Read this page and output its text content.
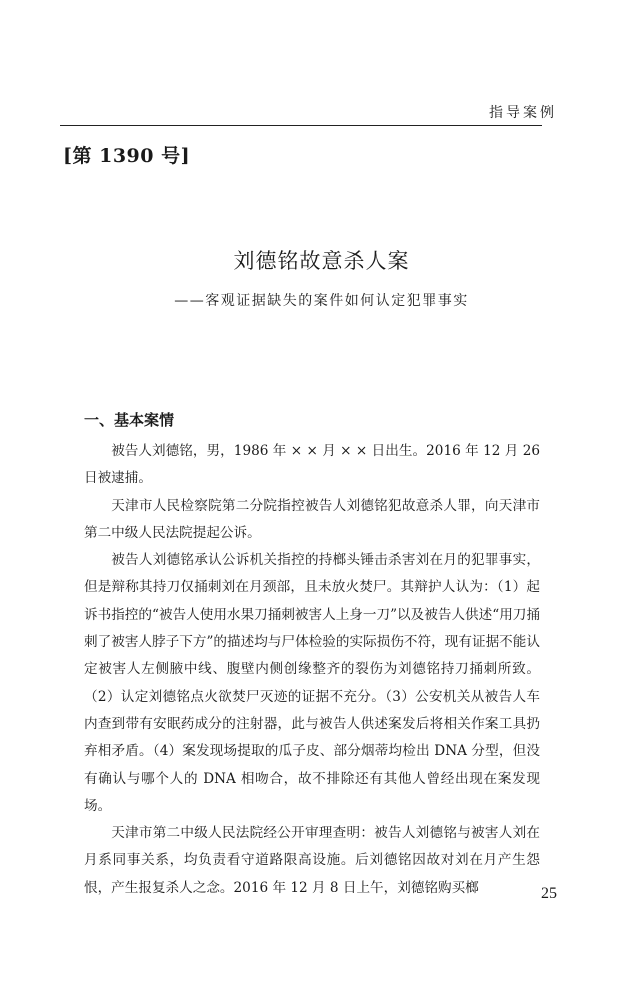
指导案例
[第 1390 号]
刘德铭故意杀人案
——客观证据缺失的案件如何认定犯罪事实
一、基本案情

被告人刘德铭，男，1986 年 × × 月 × × 日出生。2016 年 12 月 26 日被逮捕。

天津市人民检察院第二分院指控被告人刘德铭犯故意杀人罪，向天津市第二中级人民法院提起公诉。

被告人刘德铭承认公诉机关指控的持榔头锤击杀害刘在月的犯罪事实，但是辩称其持刀仅捅刺刘在月颈部，且未放火焚尸。其辩护人认为：（1）起诉书指控的“被告人使用水果刀捅刺被害人上身一刀”以及被告人供述“用刀捅刺了被害人脖子下方”的描述均与尸体检验的实际损伤不符，现有证据不能认定被害人左侧腋中线、腹壁内侧创缘整齐的裂伤为刘德铭持刀捅刺所致。（2）认定刘德铭点火欲焚尸灭迹的证据不充分。（3）公安机关从被告人车内查到带有安眠药成分的注射器，此与被告人供述案发后将相关作案工具扔弃相矛盾。（4）案发现场提取的瓜子皮、部分烟蒂均检出 DNA 分型，但没有确认与哪个人的 DNA 相吻合，故不排除还有其他人曾经出现在案发现场。

天津市第二中级人民法院经公开审理查明：被告人刘德铭与被害人刘在月系同事关系，均负责看守道路限高设施。后刘德铭因故对刘在月产生怨恨，产生报复杀人之念。2016 年 12 月 8 日上午，刘德铭购买榔	25
